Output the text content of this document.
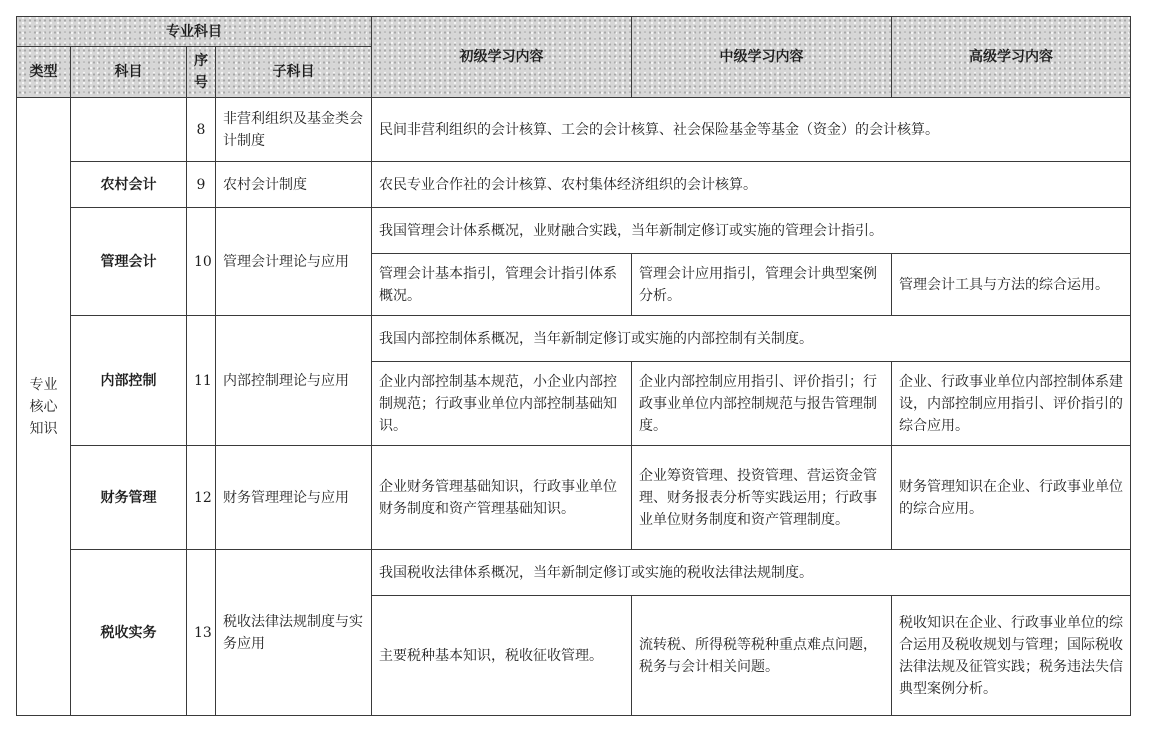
专业科目				初级学习内容	中级学习内容	高级学习内容
类型	科目	序号	子科目			

专业核心知识		8	非营利组织及基金类会计制度	民间非营利组织的会计核算、工会的会计核算、社会保险基金等基金（资金）的会计核算。		
	农村会计	9	农村会计制度	农民专业合作社的会计核算、农村集体经济组织的会计核算。		
	管理会计	10	管理会计理论与应用	我国管理会计体系概况，业财融合实践，当年新制定修订或实施的管理会计指引。		
				管理会计基本指引，管理会计指引体系概况。	管理会计应用指引，管理会计典型案例分析。	管理会计工具与方法的综合运用。
	内部控制	11	内部控制理论与应用	我国内部控制体系概况，当年新制定修订或实施的内部控制有关制度。		
				企业内部控制基本规范，小企业内部控制规范；行政事业单位内部控制基础知识。	企业内部控制应用指引、评价指引；行政事业单位内部控制规范与报告管理制度。	企业、行政事业单位内部控制体系建设，内部控制应用指引、评价指引的综合应用。
	财务管理	12	财务管理理论与应用	企业财务管理基础知识，行政事业单位财务制度和资产管理基础知识。	企业筹资管理、投资管理、营运资金管理、财务报表分析等实践运用；行政事业单位财务制度和资产管理制度。	财务管理知识在企业、行政事业单位的综合应用。
	税收实务	13	税收法律法规制度与实务应用	我国税收法律体系概况，当年新制定修订或实施的税收法律法规制度。		
				主要税种基本知识，税收征收管理。	流转税、所得税等税种重点难点问题，税务与会计相关问题。	税收知识在企业、行政事业单位的综合运用及税收规划与管理；国际税收法律法规及征管实践；税务违法失信典型案例分析。
